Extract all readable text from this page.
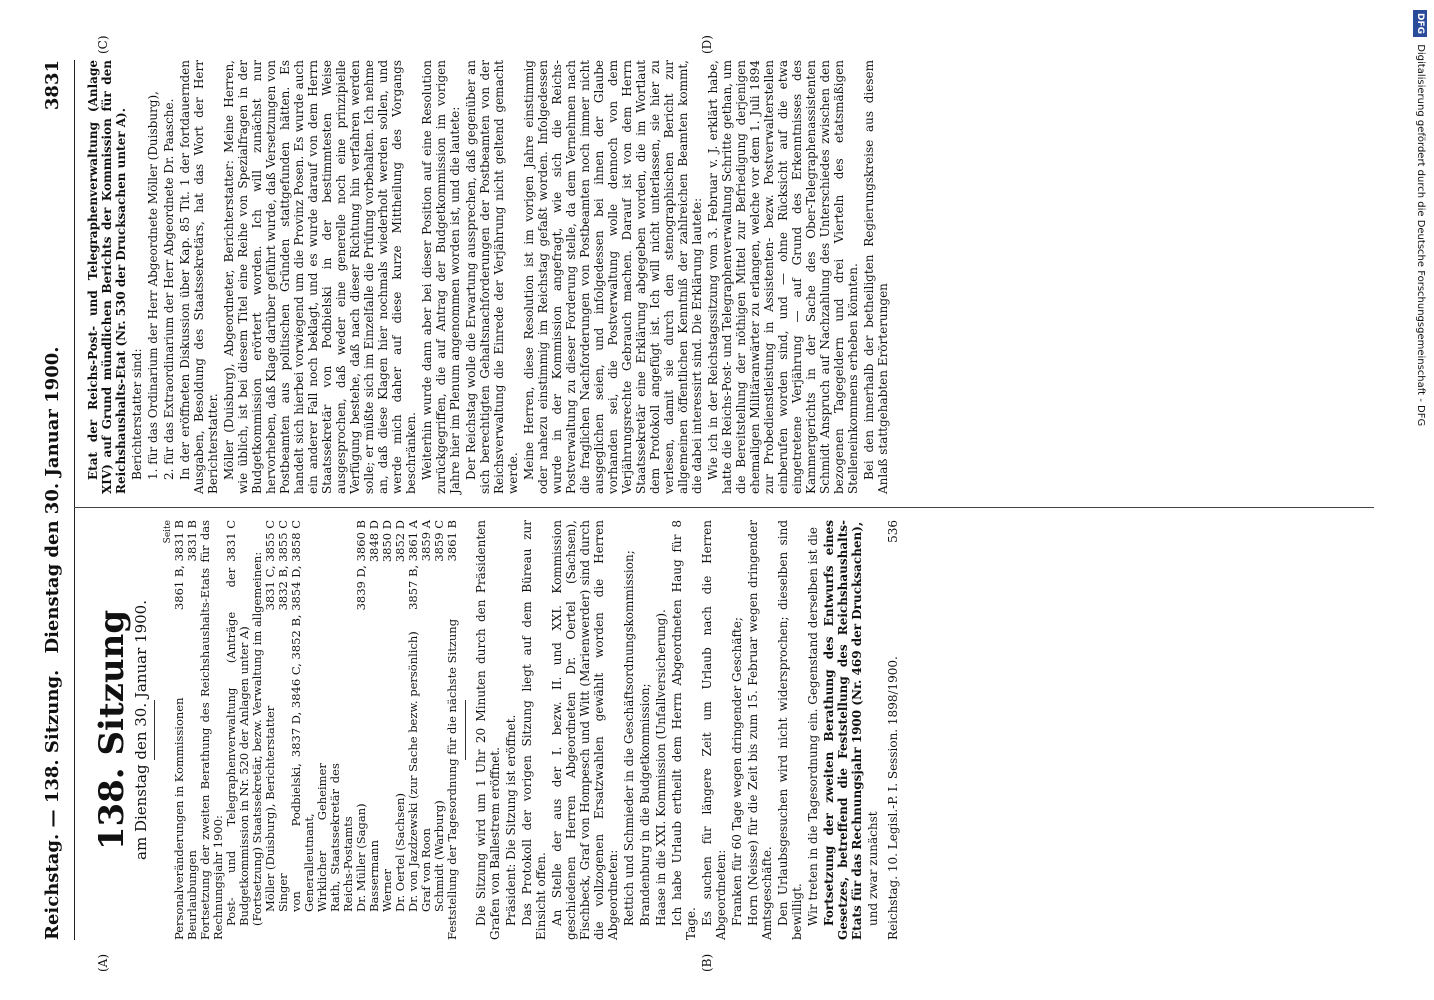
Reichstag. — 138. Sitzung.
Dienstag den 30. Januar 1900.
3831
(A)	(B)
(C)	(D)
138. Sitzung am Dienstag den 30. Januar 1900.
Seite
Personalveränderungen in Kommissionen
3861 B, 3831 B
Beurlaubungen
3831 B Fortsetzung der zweiten Berathung des Reichshaushalts-Etats für das Rechnungsjahr 1900: Post- und Telegraphenverwaltung (Anträge der Budgetkommission in Nr. 520 der Anlagen unter A)
3831 C
(Fortsetzung) Staatssekretär, bezw. Verwaltung im allgemeinen: Möller (Duisburg), Berichterstatter
3831 C, 3855 C
Singer
3832 B, 3855 C
von Podbielski, Generalleutnant, Wirklicher Geheimer Rath, Staatssekretär des Reichs-Postamts
3837 D, 3846 C, 3852 B, 3854 D, 3858 C
Dr. Müller (Sagan)
3839 D, 3860 B
Bassermann
3848 D
Werner
3850 D
Dr. Oertel (Sachsen)
3852 D
Dr. von Jazdzewski (zur Sache bezw. persönlich)
3857 B, 3861 A
Graf von Roon
3859 A
Schmidt (Warburg)
3859 C
Feststellung der Tagesordnung für die nächste Sitzung
3861 B Die Sitzung wird um 1 Uhr 20 Minuten durch den Präsidenten Grafen von Ballestrem eröffnet. Präsident: Die Sitzung ist eröffnet. Das Protokoll der vorigen Sitzung liegt auf dem Büreau zur Einsicht offen. An Stelle der aus der I. bezw. II. und XXI. Kommission geschiedenen Herren Abgeordneten Dr. Oertel (Sachsen), Fischbeck, Graf von Hompesch und Witt (Marienwerder) sind durch die vollzogenen Ersatzwahlen gewählt worden die Herren Abgeordneten: Rettich und Schmieder in die Geschäftsordnungskommission; Brandenburg in die Budgetkommission; Haase in die XXI. Kommission (Unfallversicherung). Ich habe Urlaub ertheilt dem Herrn Abgeordneten Haug für 8 Tage. Es suchen für längere Zeit um Urlaub nach die Herren Abgeordneten: Franken für 60 Tage wegen dringender Geschäfte; Horn (Neisse) für die Zeit bis zum 15. Februar wegen dringender Amtsgeschäfte. Den Urlaubsgesuchen wird nicht widersprochen; dieselben sind bewilligt. Wir treten in die Tagesordnung ein. Gegenstand derselben ist die Fortsetzung der zweiten Berathung des Entwurfs eines Gesetzes, betreffend die Feststellung des Reichshaushalts-Etats für das Rechnungsjahr 1900 (Nr. 469 der Drucksachen), und zwar zunächst Reichstag. 10. Legisl.-P. I. Session. 1898/1900.
536

Etat der Reichs-Post- und Telegraphenverwaltung (Anlage XIV) auf Grund mündlichen Berichts der Kommission für den Reichshaushalts-Etat (Nr. 530 der Drucksachen unter A). Berichterstatter sind: 1. für das Ordinarium der Herr Abgeordnete Möller (Duisburg), 2. für das Extraordinarium der Herr Abgeordnete Dr. Paasche. In der eröffneten Diskussion über Kap. 85 Tit. 1 der fortdauernden Ausgaben, Besoldung des Staatssekretärs, hat das Wort der Herr Berichterstatter. Möller (Duisburg), Abgeordneter, Berichterstatter: Meine Herren, wie üblich, ist bei diesem Titel eine Reihe von Spezialfragen in der Budgetkommission erörtert worden. Ich will zunächst nur hervorheben, daß Klage darüber geführt wurde, daß Versetzungen von Postbeamten aus politischen Gründen stattgefunden hätten. Es handelt sich hierbei vorwiegend um die Provinz Posen. Es wurde auch ein anderer Fall noch beklagt, und es wurde darauf von dem Herrn Staatssekretär von Podbielski in der bestimmtesten Weise ausgesprochen, daß weder eine generelle noch eine prinzipielle Verfügung bestehe, daß nach dieser Richtung hin verfahren werden solle; er müßte sich im Einzelfalle die Prüfung vorbehalten. Ich nehme an, daß diese Klagen hier nochmals wiederholt werden sollen, und werde mich daher auf diese kurze Mittheilung des Vorgangs beschränken. Weiterhin wurde dann aber bei dieser Position auf eine Resolution zurückgegriffen, die auf Antrag der Budgetkommission im vorigen Jahre hier im Plenum angenommen worden ist, und die lautete: Der Reichstag wolle die Erwartung aussprechen, daß gegenüber an sich berechtigten Gehaltsnachforderungen der Postbeamten von der Reichsverwaltung die Einrede der Verjährung nicht geltend gemacht werde. Meine Herren, diese Resolution ist im vorigen Jahre einstimmig oder nahezu einstimmig im Reichstag gefaßt worden. Infolgedessen wurde in der Kommission angefragt, wie sich die Reichs-Postverwaltung zu dieser Forderung stelle, da dem Vernehmen nach die fraglichen Nachforderungen von Postbeamten noch immer nicht ausgeglichen seien, und infolgedessen bei ihnen der Glaube vorhanden sei, die Postverwaltung wolle dennoch von dem Verjährungsrechte Gebrauch machen. Darauf ist von dem Herrn Staatssekretär eine Erklärung abgegeben worden, die im Wortlaut dem Protokoll angefügt ist. Ich will nicht unterlassen, sie hier zu verlesen, damit sie durch den stenographischen Bericht zur allgemeinen öffentlichen Kenntniß der zahlreichen Beamten kommt, die dabei interessirt sind. Die Erklärung lautete: Wie ich in der Reichstagssitzung vom 3. Februar v. J. erklärt habe, hatte die Reichs-Post- und Telegraphenverwaltung Schritte gethan, um die Bereitstellung der nöthigen Mittel zur Befriedigung derjenigen ehemaligen Militäranwärter zu erlangen, welche vor dem 1. Juli 1894 zur Probedienstleistung in Assistenten- bezw. Postverwalterstellen einberufen worden sind, und — ohne Rücksicht auf die etwa eingetretene Verjährung — auf Grund des Erkenntnisses des Kammergerichts in der Sache des Ober-Telegraphenassistenten Schmidt Anspruch auf Nachzahlung des Unterschiedes zwischen den bezogenen Tagegeldern und drei Vierteln des etatsmäßigen Stelleneinkommens erheben könnten. Bei den innerhalb der betheiligten Regierungskreise aus diesem Anlaß stattgehabten Erörterungen

DFG Digitalisierung gefördert durch die Deutsche Forschungsgemeinschaft - DFG
